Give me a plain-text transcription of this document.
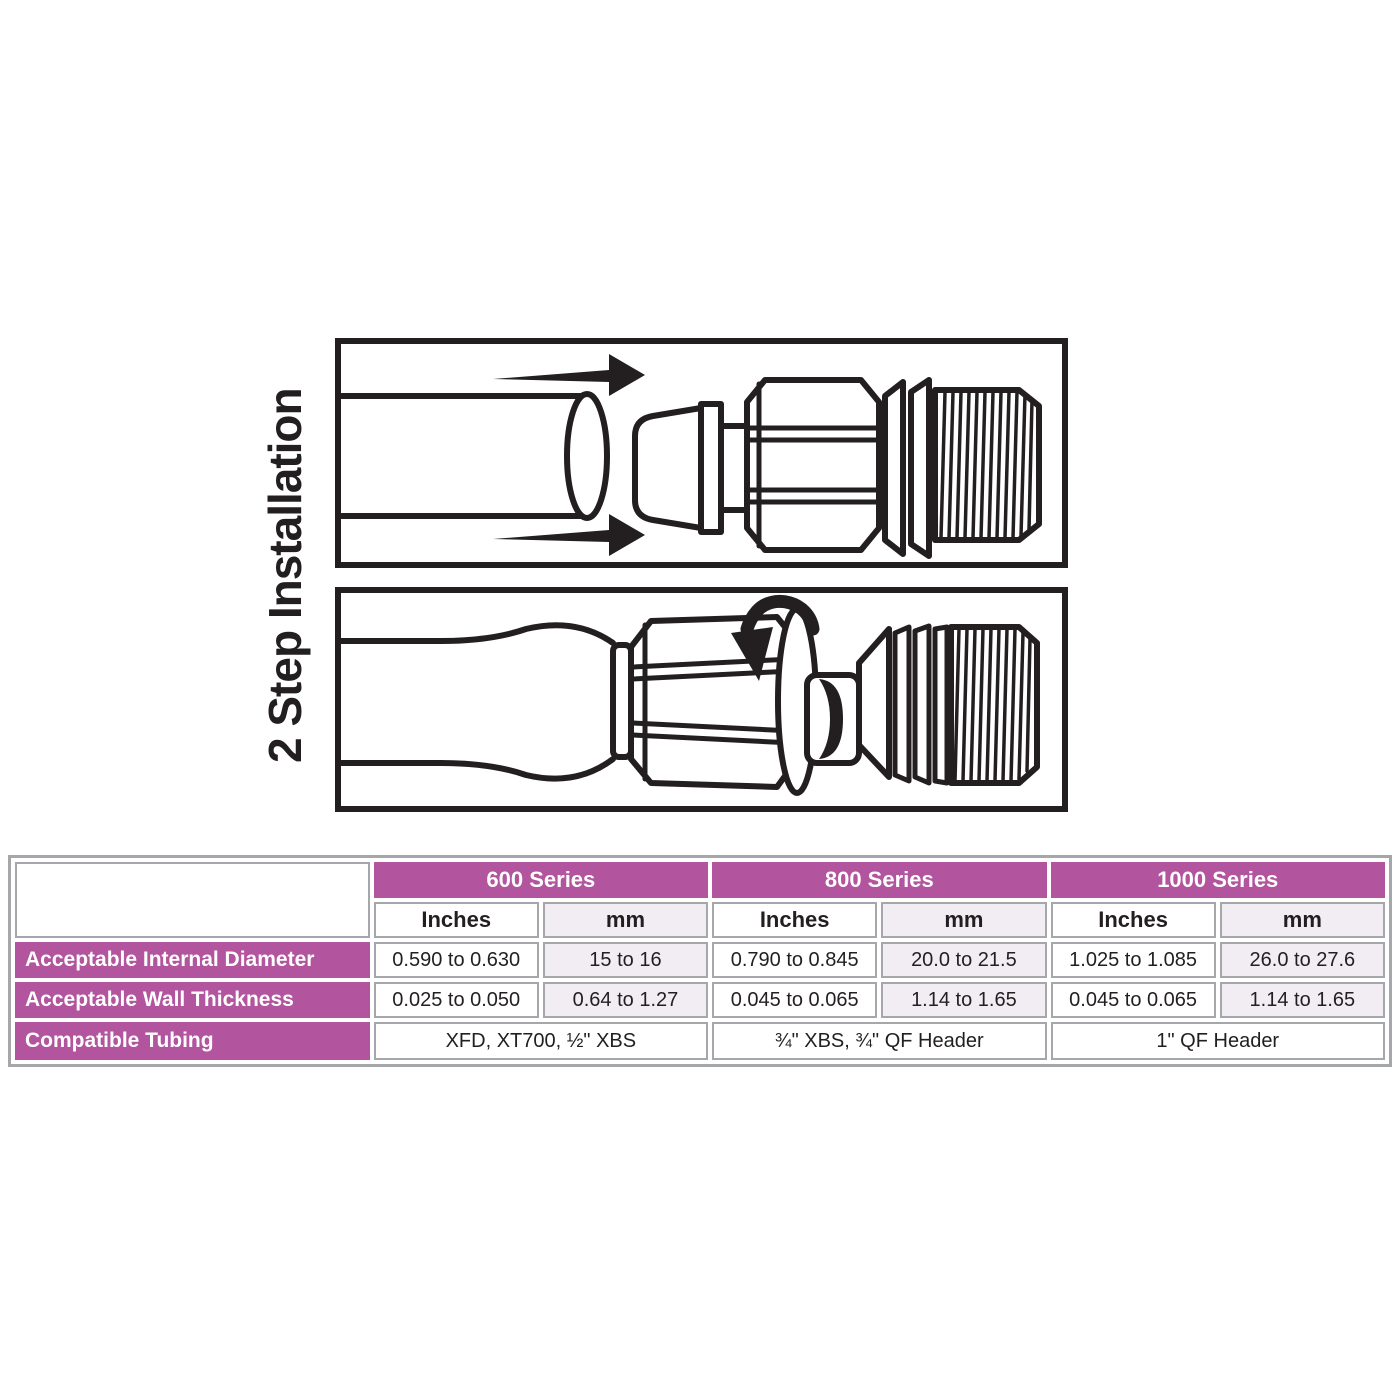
2 Step Installation
	600 Series		800 Series		1000 Series	
	Inches	mm	Inches	mm	Inches	mm
Acceptable Internal Diameter	0.590 to 0.630	15 to 16	0.790 to 0.845	20.0 to 21.5	1.025 to 1.085	26.0 to 27.6
Acceptable Wall Thickness	0.025 to 0.050	0.64 to 1.27	0.045 to 0.065	1.14 to 1.65	0.045 to 0.065	1.14 to 1.65
Compatible Tubing	XFD, XT700, ½" XBS		¾" XBS, ¾" QF Header		1" QF Header	
